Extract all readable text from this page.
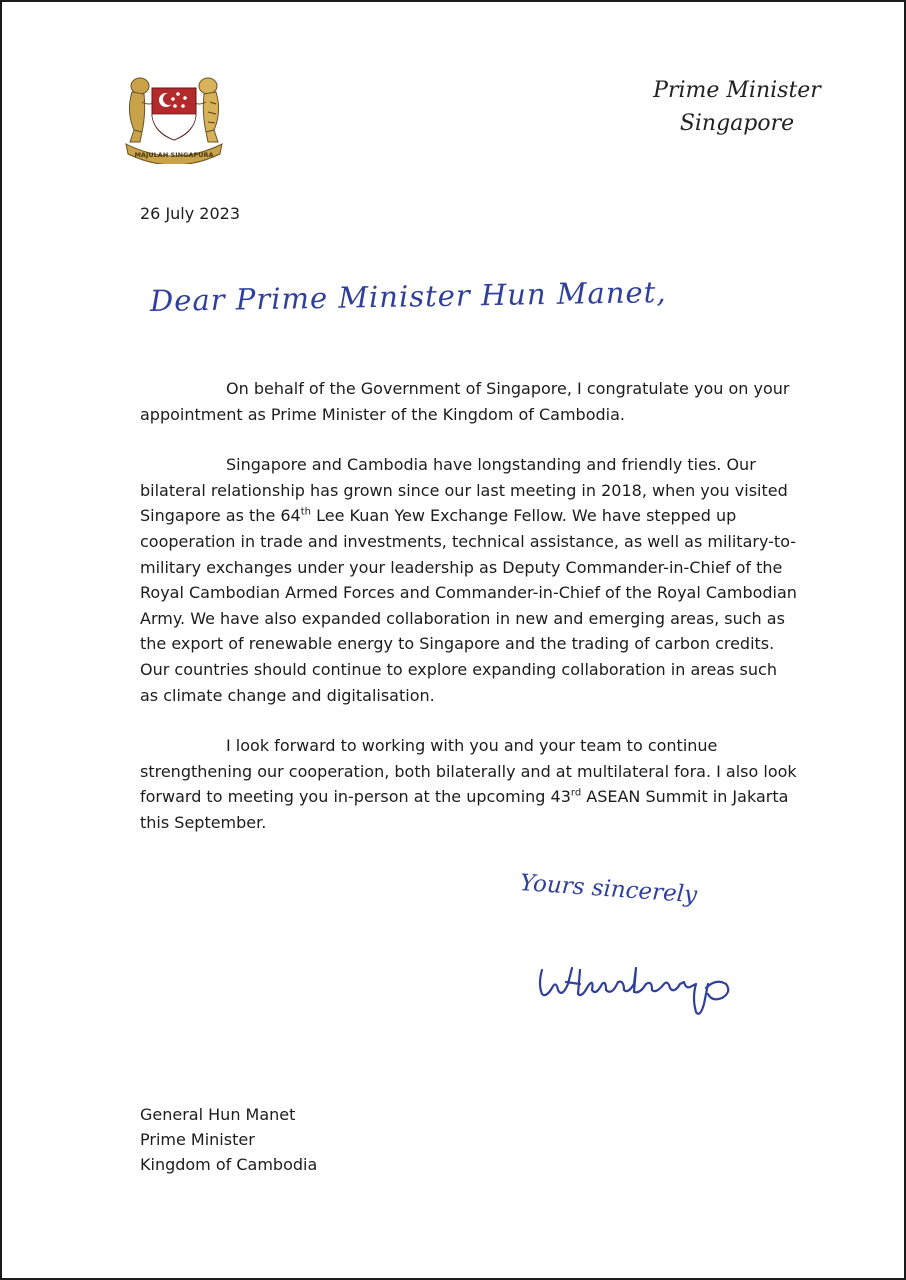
MAJULAH SINGAPURA
Prime Minister
Singapore
26 July 2023
Dear Prime Minister Hun Manet,

On behalf of the Government of Singapore, I congratulate you on your appointment as Prime Minister of the Kingdom of Cambodia.

Singapore and Cambodia have longstanding and friendly ties. Our bilateral relationship has grown since our last meeting in 2018, when you visited Singapore as the 64th Lee Kuan Yew Exchange Fellow. We have stepped up cooperation in trade and investments, technical assistance, as well as military-to-military exchanges under your leadership as Deputy Commander-in-Chief of the Royal Cambodian Armed Forces and Commander-in-Chief of the Royal Cambodian Army. We have also expanded collaboration in new and emerging areas, such as the export of renewable energy to Singapore and the trading of carbon credits. Our countries should continue to explore expanding collaboration in areas such as climate change and digitalisation.

I look forward to working with you and your team to continue strengthening our cooperation, both bilaterally and at multilateral fora. I also look forward to meeting you in-person at the upcoming 43rd ASEAN Summit in Jakarta this September.

Yours sincerely
General Hun Manet
Prime Minister
Kingdom of Cambodia
